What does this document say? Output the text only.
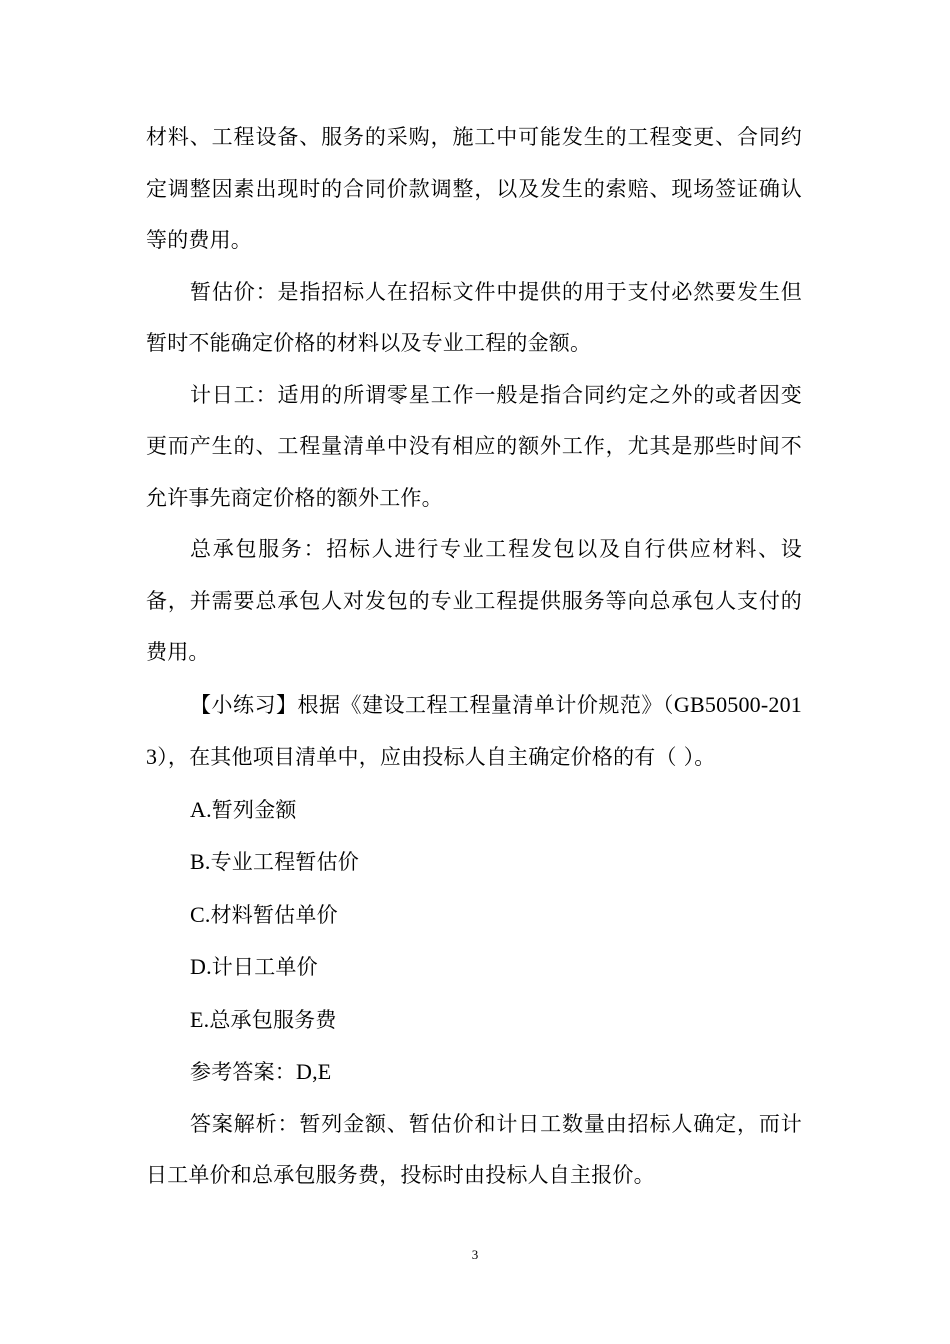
材料、工程设备、服务的采购，施工中可能发生的工程变更、合同约定调整因素出现时的合同价款调整，以及发生的索赔、现场签证确认等的费用。

暂估价：是指招标人在招标文件中提供的用于支付必然要发生但暂时不能确定价格的材料以及专业工程的金额。

计日工：适用的所谓零星工作一般是指合同约定之外的或者因变更而产生的、工程量清单中没有相应的额外工作，尤其是那些时间不允许事先商定价格的额外工作。

总承包服务：招标人进行专业工程发包以及自行供应材料、设备，并需要总承包人对发包的专业工程提供服务等向总承包人支付的费用。

【小练习】根据《建设工程工程量清单计价规范》（GB50500-2013），在其他项目清单中，应由投标人自主确定价格的有（ ）。

A.暂列金额

B.专业工程暂估价

C.材料暂估单价

D.计日工单价

E.总承包服务费

参考答案：D,E

答案解析：暂列金额、暂估价和计日工数量由招标人确定，而计日工单价和总承包服务费，投标时由投标人自主报价。

3
